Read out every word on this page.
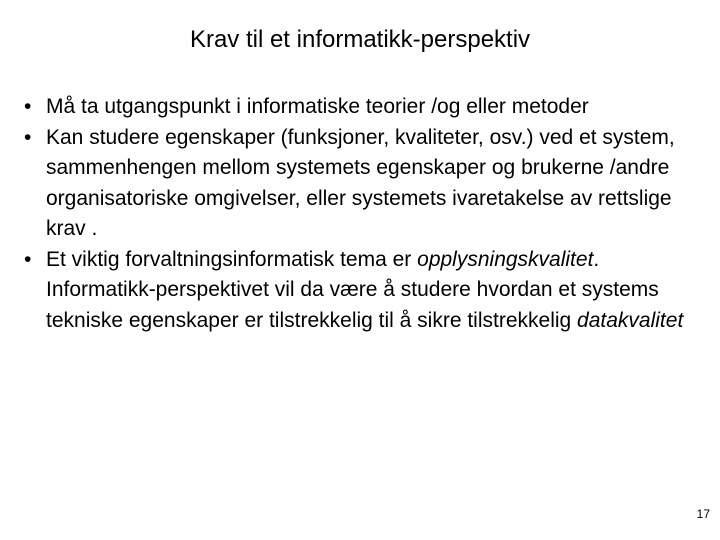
Krav til et informatikk-perspektiv
• Må ta utgangspunkt i informatiske teorier /og eller metoder
• Kan studere egenskaper (funksjoner, kvaliteter, osv.) ved et system, sammenhengen mellom systemets egenskaper og brukerne /andre organisatoriske omgivelser, eller systemets ivaretakelse av rettslige krav .
• Et viktig forvaltningsinformatisk tema er opplysningskvalitet. Informatikk-perspektivet vil da være å studere hvordan et systems tekniske egenskaper er tilstrekkelig til å sikre tilstrekkelig datakvalitet
17
